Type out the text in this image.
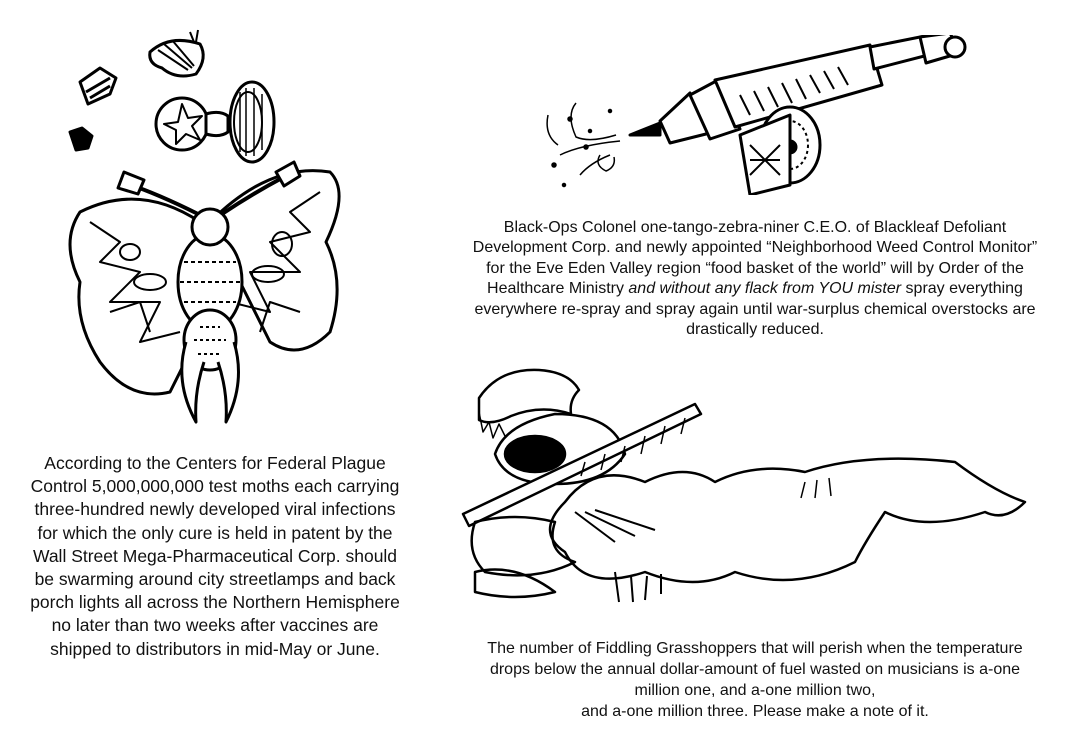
Black-Ops Colonel one-tango-zebra-niner C.E.O. of Blackleaf Defoliant Development Corp. and newly appointed “Neighborhood Weed Control Monitor” for the Eve Eden Valley region “food basket of the world” will by Order of the Healthcare Ministry and without any flack from YOU mister spray everything everywhere re-spray and spray again until war-surplus chemical overstocks are drastically reduced.
According to the Centers for Federal Plague Control 5,000,000,000 test moths each carrying three-hundred newly developed viral infections for which the only cure is held in patent by the Wall Street Mega-Pharmaceutical Corp. should be swarming around city streetlamps and back porch lights all across the Northern Hemisphere no later than two weeks after vaccines are shipped to distributors in mid-May or June.	The number of Fiddling Grasshoppers that will perish when the temperature drops below the annual dollar-amount of fuel wasted on musicians is a-one million one, and a-one million two,
and a-one million three. Please make a note of it.
